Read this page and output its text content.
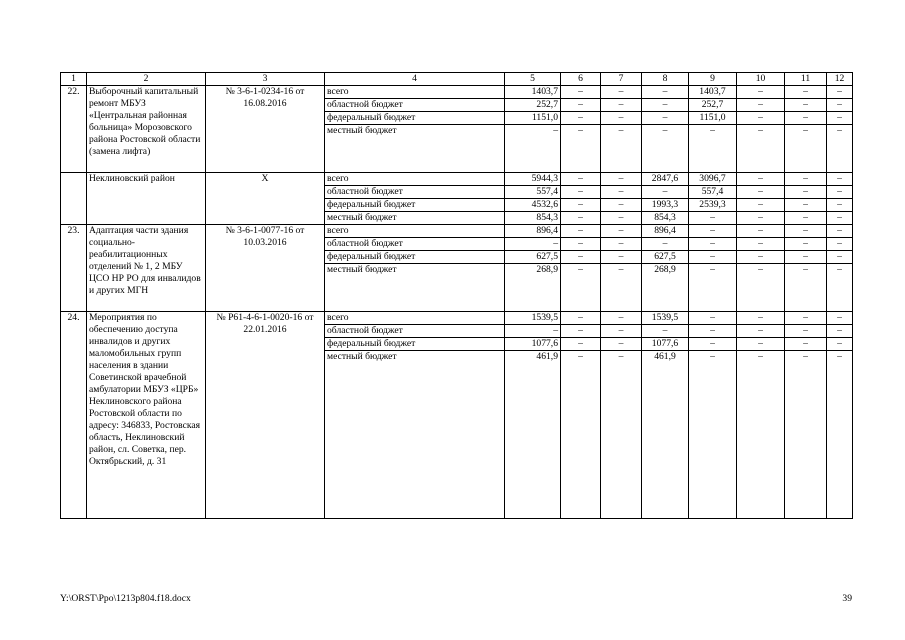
1	2	3	4	5	6	7	8	9	10	11	12
22.	Выборочный капитальный ремонт МБУЗ «Центральная районная больница» Морозовского района Ростовской области (замена лифта)	№ 3-6-1-0234-16 от 16.08.2016	всего	1403,7	–	–	–	1403,7	–	–	–
			областной бюджет	252,7	–	–	–	252,7	–	–	–
			федеральный бюджет	1151,0	–	–	–	1151,0	–	–	–
			местный бюджет	–	–	–	–	–	–	–	–

	Неклиновский район	X	всего	5944,3	–	–	2847,6	3096,7	–	–	–
			областной бюджет	557,4	–	–	–	557,4	–	–	–
			федеральный бюджет	4532,6	–	–	1993,3	2539,3	–	–	–
			местный бюджет	854,3	–	–	854,3	–	–	–	–
23.	Адаптация части здания социально-реабилитационных отделений № 1, 2 МБУ ЦСО НР РО для инвалидов и других МГН	№ 3-6-1-0077-16 от 10.03.2016	всего	896,4	–	–	896,4	–	–	–	–
			областной бюджет	–	–	–	–	–	–	–	–
			федеральный бюджет	627,5	–	–	627,5	–	–	–	–
			местный бюджет	268,9	–	–	268,9	–	–	–	–

24.	Мероприятия по обеспечению доступа инвалидов и других маломобильных групп населения в здании Советинской врачебной амбулатории МБУЗ «ЦРБ» Неклиновского района Ростовской области по адресу: 346833, Ростовская область, Неклиновский район, сл. Советка, пер. Октябрьский, д. 31	№ Р61-4-6-1-0020-16 от 22.01.2016	всего	1539,5	–	–	1539,5	–	–	–	–
			областной бюджет	–	–	–	–	–	–	–	–
			федеральный бюджет	1077,6	–	–	1077,6	–	–	–	–
			местный бюджет	461,9	–	–	461,9	–	–	–	–

Y:\ORST\Ppo\1213p804.f18.docx	39
